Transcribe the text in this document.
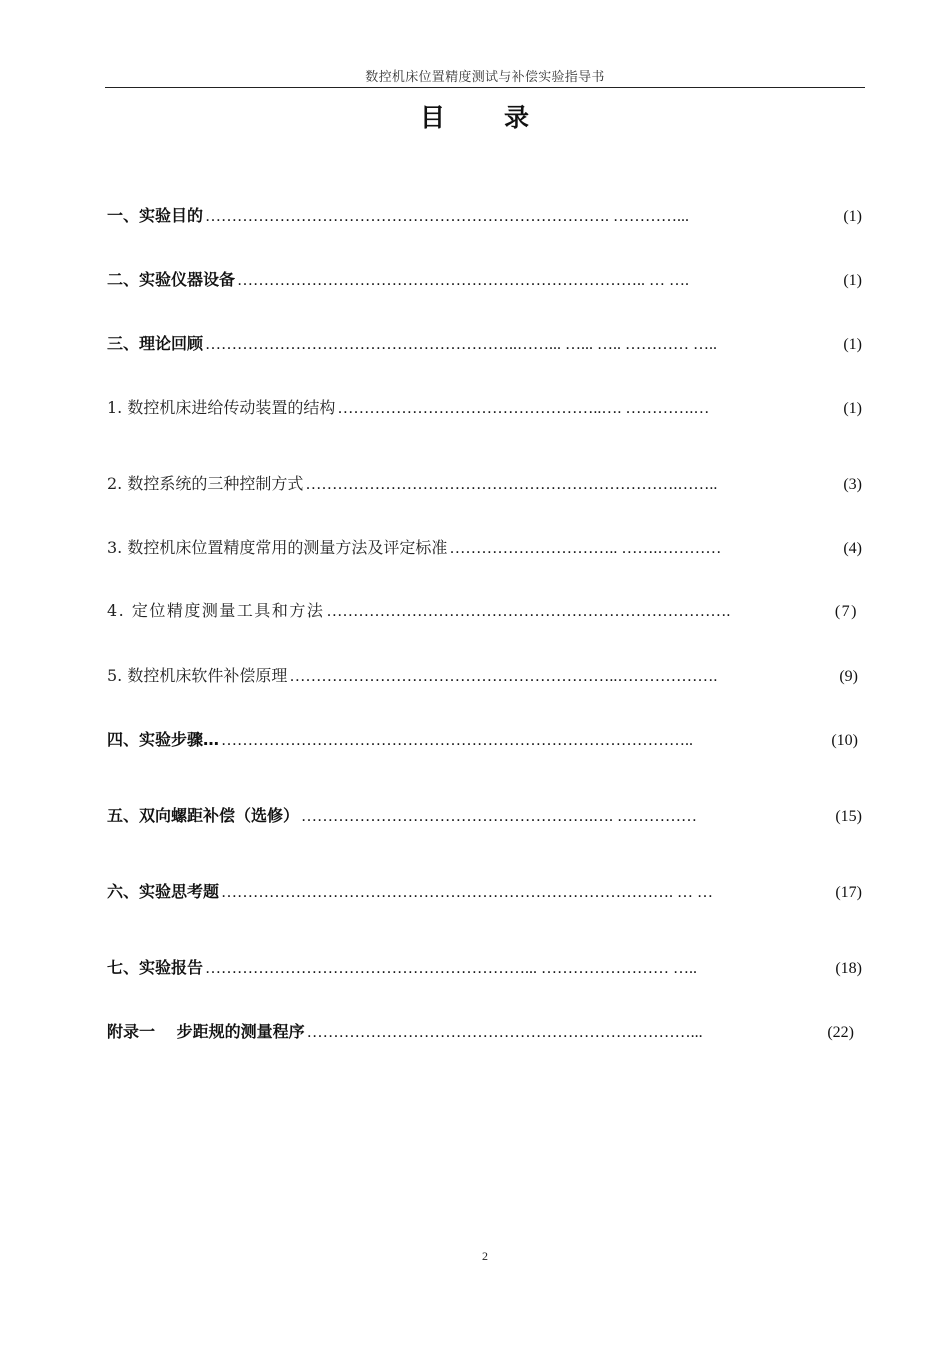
数控机床位置精度测试与补偿实验指导书
目 录
一、实验目的 …………………………………………………………………. …………...	(1)
二、实验仪器设备 ………………………………………………………………….. … ….	(1)
三、理论回顾 …………………………………………………..……... …... ….. ………… …..	(1)
1. 数控机床进给传动装置的结构 …………………………………………..…. ………….…	(1)
2. 数控系统的三种控制方式 …………………………………………………………….……..	(3)
3. 数控机床位置精度常用的测量方法及评定标准 ………………………….. …….…………	(4)
4. 定位精度测量工具和方法 ………………………………………………………………….	(7)
5. 数控机床软件补偿原理 ……………………………………………………..……………….	(9)
四、实验步骤… ……………………………………………………………………………..	(10)
五、双向螺距补偿（选修） ……………………………………………….…. ……………	(15)
六、实验思考题 …………………………………………………………………………. … …	(17)
七、实验报告 ……………………………………………………... …………………… …..	(18)
附录一　 步距规的测量程序 ………………………………………………………………...	(22)
2
